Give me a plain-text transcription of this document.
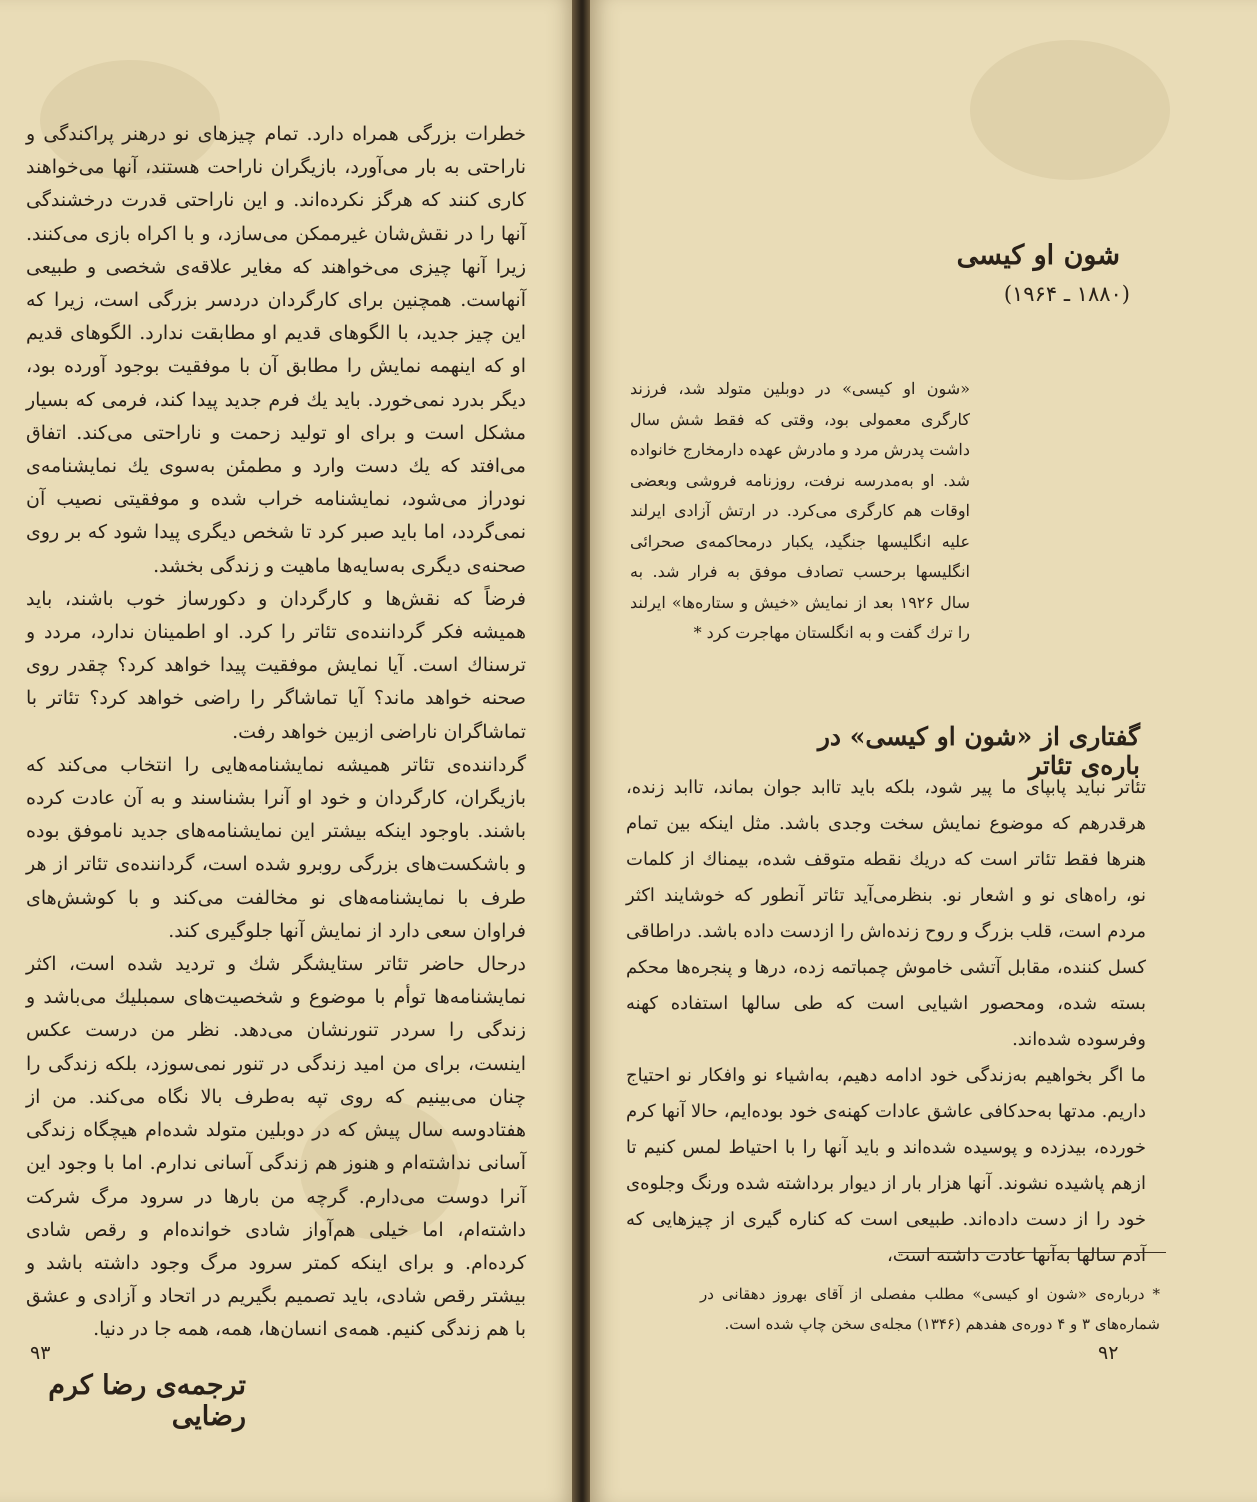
خطرات بزرگی همراه دارد. تمام چیزهای نو درهنر پراکندگی و ناراحتی به بار می‌آورد، بازیگران ناراحت هستند، آنها می‌خواهند کاری کنند که هرگز نکرده‌اند. و این ناراحتی قدرت درخشندگی آنها را در نقش‌شان غیرممکن می‌سازد، و با اکراه بازی می‌کنند. زیرا آنها چیزی می‌خواهند که مغایر علاقه‌ی شخصی و طبیعی آنهاست. همچنین برای کارگردان دردسر بزرگی است، زیرا که این چیز جدید، با الگوهای قدیم او مطابقت ندارد. الگوهای قدیم او که اینهمه نمایش را مطابق آن با موفقیت بوجود آورده بود، دیگر بدرد نمی‌خورد. باید یك فرم جدید پیدا کند، فرمی که بسیار مشکل است و برای او تولید زحمت و ناراحتی می‌کند. اتفاق می‌افتد که یك دست وارد و مطمئن به‌سوی یك نمایشنامه‌ی نودراز می‌شود، نمایشنامه خراب شده و موفقیتی نصیب آن نمی‌گردد، اما باید صبر کرد تا شخص دیگری پیدا شود که بر روی صحنه‌ی دیگری به‌سایه‌ها ماهیت و زندگی بخشد.

فرضاً که نقش‌ها و کارگردان و دکورساز خوب باشند، باید همیشه فکر گرداننده‌ی تئاتر را کرد. او اطمینان ندارد، مردد و ترسناك است. آیا نمایش موفقیت پیدا خواهد کرد؟ چقدر روی صحنه خواهد ماند؟ آیا تماشاگر را راضی خواهد کرد؟ تئاتر با تماشاگران ناراضی ازبین خواهد رفت.

گرداننده‌ی تئاتر همیشه نمایشنامه‌هایی را انتخاب می‌کند که بازیگران، کارگردان و خود او آنرا بشناسند و به آن عادت کرده باشند. باوجود اینکه بیشتر این نمایشنامه‌های جدید ناموفق بوده و باشکست‌های بزرگی روبرو شده است، گرداننده‌ی تئاتر از هر طرف با نمایشنامه‌های نو مخالفت می‌کند و با کوشش‌های فراوان سعی دارد از نمایش آنها جلوگیری کند.

درحال حاضر تئاتر ستایشگر شك و تردید شده است، اکثر نمایشنامه‌ها توأم با موضوع و شخصیت‌های سمبلیك می‌باشد و زندگی را سردر تنورنشان می‌دهد. نظر من درست عکس اینست، برای من امید زندگی در تنور نمی‌سوزد، بلکه زندگی را چنان می‌بینیم که روی تپه به‌طرف بالا نگاه می‌کند. من از هفتادوسه سال پیش که در دوبلین متولد شده‌ام هیچگاه زندگی آسانی نداشته‌ام و هنوز هم زندگی آسانی ندارم. اما با وجود این آنرا دوست می‌دارم. گرچه من بارها در سرود مرگ شرکت داشته‌ام، اما خیلی هم‌آواز شادی خوانده‌ام و رقص شادی کرده‌ام. و برای اینکه کمتر سرود مرگ وجود داشته باشد و بیشتر رقص شادی، باید تصمیم بگیریم در اتحاد و آزادی و عشق با هم زندگی کنیم. همه‌ی انسان‌ها، همه، همه جا در دنیا.

ترجمه‌ی رضا کرم رضایی
۹۳
شون او کیسی
(۱۸۸۰ ـ ۱۹۶۴)

«شون او کیسی» در دوبلین متولد شد، فرزند کارگری معمولی بود، وقتی که فقط شش سال داشت پدرش مرد و مادرش عهده دارمخارج خانواده شد. او به‌مدرسه نرفت، روزنامه فروشی وبعضی اوقات هم کارگری می‌کرد. در ارتش آزادی ایرلند علیه انگلیسها جنگید، یکبار درمحاکمه‌ی صحرائی انگلیسها برحسب تصادف موفق به فرار شد. به سال ۱۹۲۶ بعد از نمایش «خیش و ستاره‌ها» ایرلند را ترك گفت و به انگلستان مهاجرت کرد *

گفتاری از «شون او کیسی» در باره‌ی تئاتر

تئاتر نباید پابپای ما پیر شود، بلکه باید تاابد جوان بماند، تاابد زنده، هرقدرهم که موضوع نمایش سخت وجدی باشد. مثل اینکه بین تمام هنرها فقط تئاتر است که دریك نقطه متوقف شده، بیمناك از کلمات نو، راه‌های نو و اشعار نو. بنظرمی‌آید تئاتر آنطور که خوشایند اکثر مردم است، قلب بزرگ و روح زنده‌اش را ازدست داده باشد. دراطاقی کسل کننده، مقابل آتشی خاموش چمباتمه زده، درها و پنجره‌ها محکم بسته شده، ومحصور اشیایی است که طی سالها استفاده کهنه وفرسوده شده‌اند.

ما اگر بخواهیم به‌زندگی خود ادامه دهیم، به‌اشیاء نو وافکار نو احتیاج داریم. مدتها به‌حدکافی عاشق عادات کهنه‌ی خود بوده‌ایم، حالا آنها کرم خورده، بیدزده و پوسیده شده‌اند و باید آنها را با احتیاط لمس کنیم تا ازهم پاشیده نشوند. آنها هزار بار از دیوار برداشته شده ورنگ وجلوه‌ی خود را از دست داده‌اند. طبیعی است که کناره گیری از چیزهایی که آدم سالها به‌آنها عادت داشته است،

* درباره‌ی «شون او کیسی» مطلب مفصلی از آقای بهروز دهقانی در شماره‌های ۳ و ۴ دوره‌ی هفدهم (۱۳۴۶) مجله‌ی سخن چاپ شده است.

۹۲
